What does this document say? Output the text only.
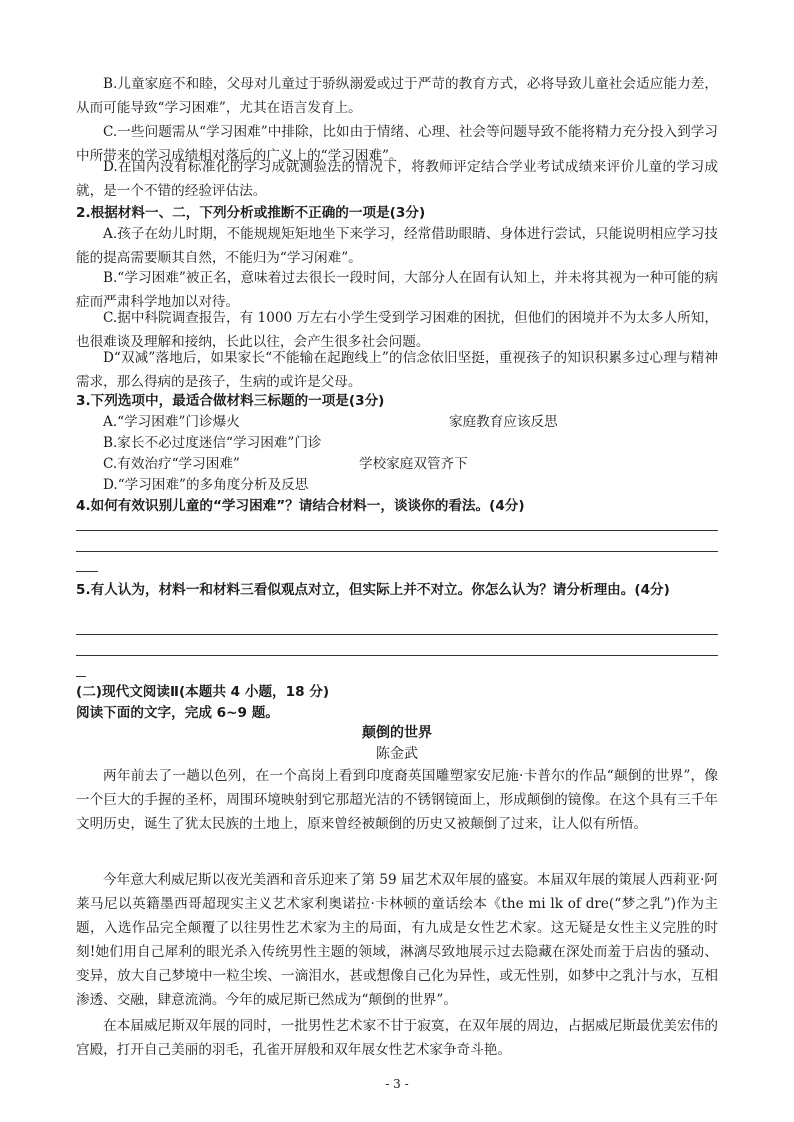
B.儿童家庭不和睦，父母对儿童过于骄纵溺爱或过于严苛的教育方式，必将导致儿童社会适应能力差，从而可能导致“学习困难”，尤其在语言发育上。
C.一些问题需从“学习困难”中排除，比如由于情绪、心理、社会等问题导致不能将精力充分投入到学习中所带来的学习成绩相对落后的广义上的“学习困难”。
D.在国内没有标准化的学习成就测验法的情况下，将教师评定结合学业考试成绩来评价儿童的学习成就，是一个不错的经验评估法。
2.根据材料一、二，下列分析或推断不正确的一项是(3分)
A.孩子在幼儿时期，不能规规矩矩地坐下来学习，经常借助眼睛、身体进行尝试，只能说明相应学习技能的提高需要顺其自然，不能归为“学习闲难”。
B.“学习困难”被正名，意味着过去很长一段时间，大部分人在固有认知上，并未将其视为一种可能的病症而严肃科学地加以对待。
C.据中科院调查报告，有 1000 万左右小学生受到学习困难的困扰，但他们的困境并不为太多人所知，也很难谈及理解和接纳，长此以往，会产生很多社会问题。
D“双减”落地后，如果家长“不能输在起跑线上”的信念依旧坚挺，重视孩子的知识积累多过心理与精神需求，那么得病的是孩子，生病的或许是父母。
3.下列选项中，最适合做材料三标题的一项是(3分)
A.“学习困难”门诊爆火	家庭教育应该反思
B.家长不必过度迷信“学习困难”门诊
C.有效治疗“学习困难”	学校家庭双管齐下
D.“学习困难”的多角度分析及反思
4.如何有效识别儿童的“学习困难”？请结合材料一，谈谈你的看法。(4分)
5.有人认为，材料一和材料三看似观点对立，但实际上并不对立。你怎么认为？请分析理由。(4分)
(二)现代文阅读Ⅱ(本题共 4 小题，18 分)
阅读下面的文字，完成 6~9 题。
颠倒的世界
陈金武
两年前去了一趟以色列，在一个高岗上看到印度裔英国雕塑家安尼施·卡普尔的作品“颠倒的世界”，像一个巨大的手握的圣杯，周围环境映射到它那超光洁的不锈钢镜面上，形成颠倒的镜像。在这个具有三千年文明历史，诞生了犹太民族的土地上，原来曾经被颠倒的历史又被颠倒了过来，让人似有所悟。
今年意大利威尼斯以夜光美酒和音乐迎来了第 59 届艺术双年展的盛宴。本届双年展的策展人西莉亚·阿莱马尼以英籍墨西哥超现实主义艺术家利奥诺拉·卡林顿的童话绘本《the mi lk of dre(“梦之乳”)作为主题，入选作品完全颠覆了以往男性艺术家为主的局面，有九成是女性艺术家。这无疑是女性主义完胜的时刻!她们用自己犀利的眼光杀入传统男性主题的领域，淋漓尽致地展示过去隐藏在深处而羞于启齿的骚动、变异，放大自己梦境中一粒尘埃、一滴泪水，甚或想像自己化为异性，或无性别，如梦中之乳汁与水，互相渗透、交融，肆意流淌。今年的威尼斯已然成为“颠倒的世界”。
在本届威尼斯双年展的同时，一批男性艺术家不甘于寂寞，在双年展的周边，占据威尼斯最优美宏伟的宫殿，打开自己美丽的羽毛，孔雀开屏般和双年展女性艺术家争奇斗艳。
- 3 -
